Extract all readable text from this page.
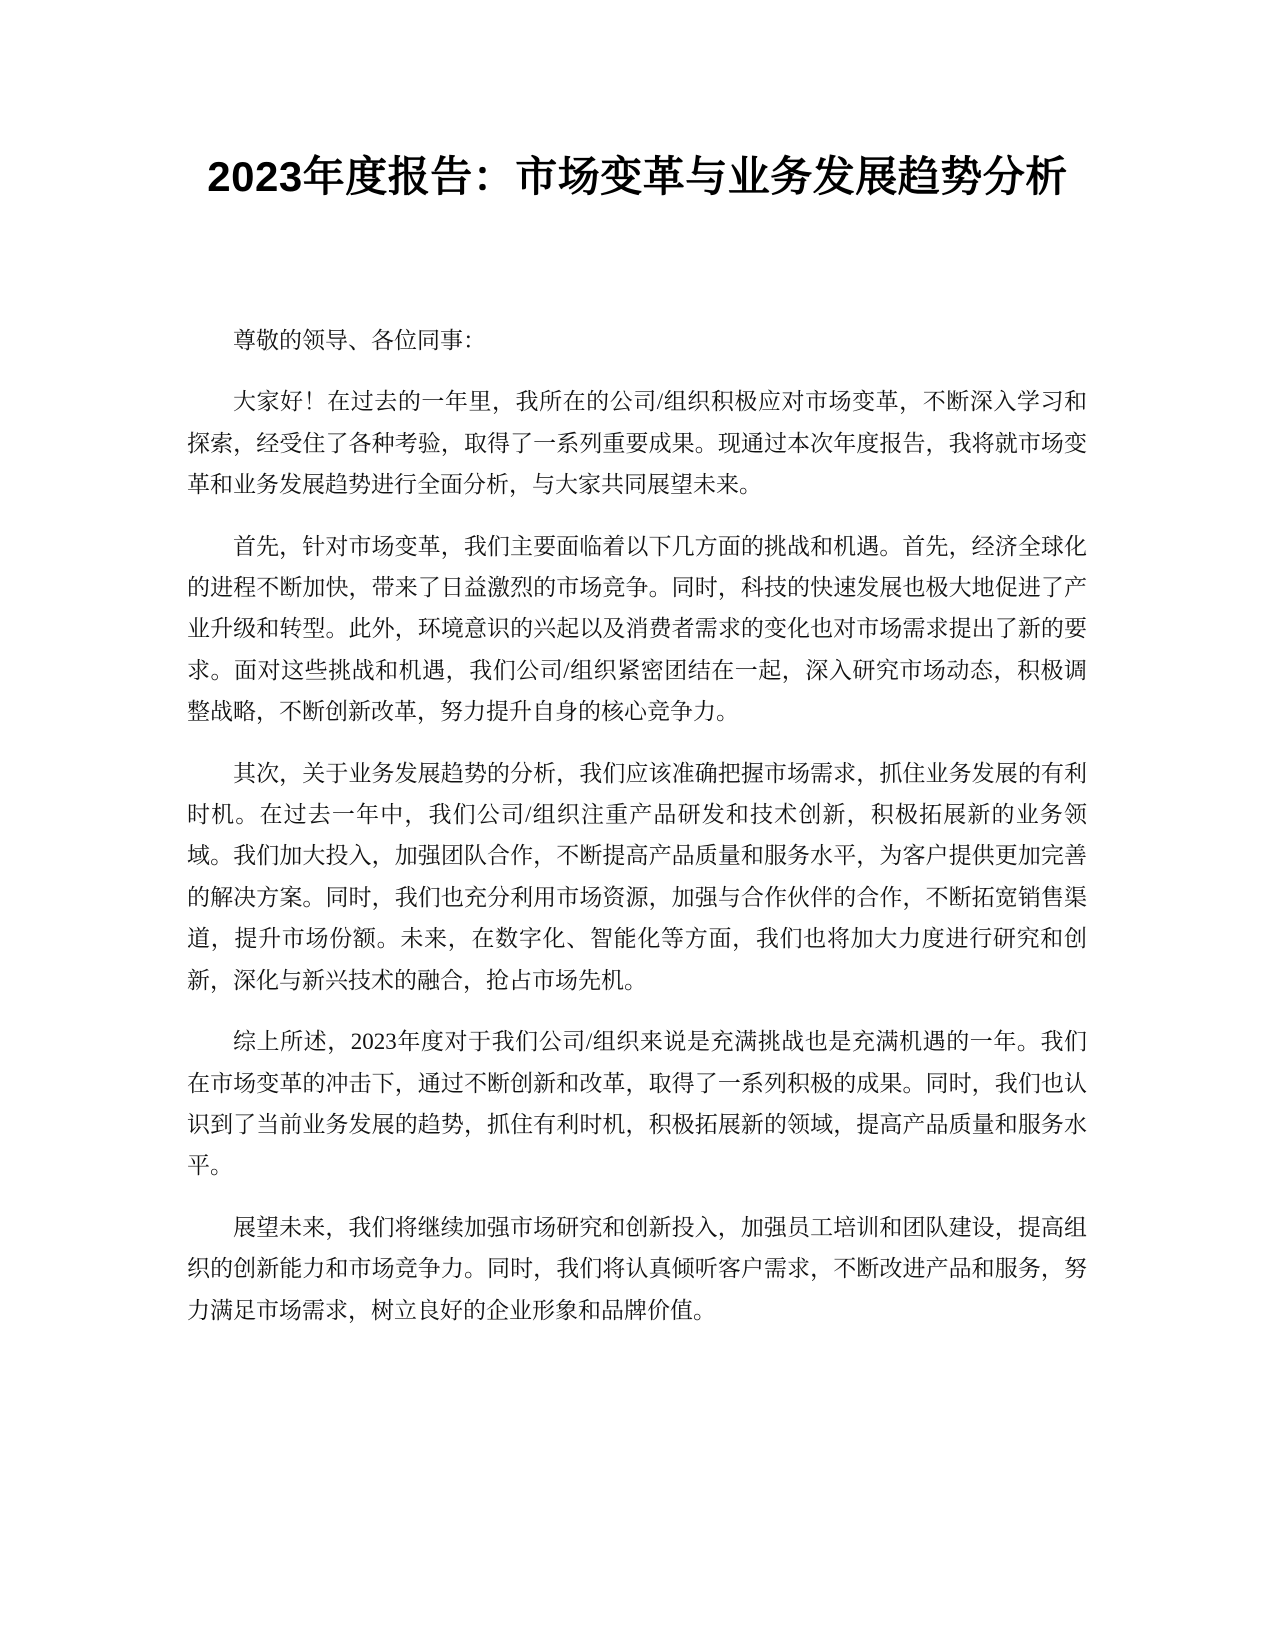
2023年度报告：市场变革与业务发展趋势分析

尊敬的领导、各位同事：

大家好！在过去的一年里，我所在的公司/组织积极应对市场变革，不断深入学习和探索，经受住了各种考验，取得了一系列重要成果。现通过本次年度报告，我将就市场变革和业务发展趋势进行全面分析，与大家共同展望未来。

首先，针对市场变革，我们主要面临着以下几方面的挑战和机遇。首先，经济全球化的进程不断加快，带来了日益激烈的市场竞争。同时，科技的快速发展也极大地促进了产业升级和转型。此外，环境意识的兴起以及消费者需求的变化也对市场需求提出了新的要求。面对这些挑战和机遇，我们公司/组织紧密团结在一起，深入研究市场动态，积极调整战略，不断创新改革，努力提升自身的核心竞争力。

其次，关于业务发展趋势的分析，我们应该准确把握市场需求，抓住业务发展的有利时机。在过去一年中，我们公司/组织注重产品研发和技术创新，积极拓展新的业务领域。我们加大投入，加强团队合作，不断提高产品质量和服务水平，为客户提供更加完善的解决方案。同时，我们也充分利用市场资源，加强与合作伙伴的合作，不断拓宽销售渠道，提升市场份额。未来，在数字化、智能化等方面，我们也将加大力度进行研究和创新，深化与新兴技术的融合，抢占市场先机。

综上所述，2023年度对于我们公司/组织来说是充满挑战也是充满机遇的一年。我们在市场变革的冲击下，通过不断创新和改革，取得了一系列积极的成果。同时，我们也认识到了当前业务发展的趋势，抓住有利时机，积极拓展新的领域，提高产品质量和服务水平。

展望未来，我们将继续加强市场研究和创新投入，加强员工培训和团队建设，提高组织的创新能力和市场竞争力。同时，我们将认真倾听客户需求，不断改进产品和服务，努力满足市场需求，树立良好的企业形象和品牌价值。
